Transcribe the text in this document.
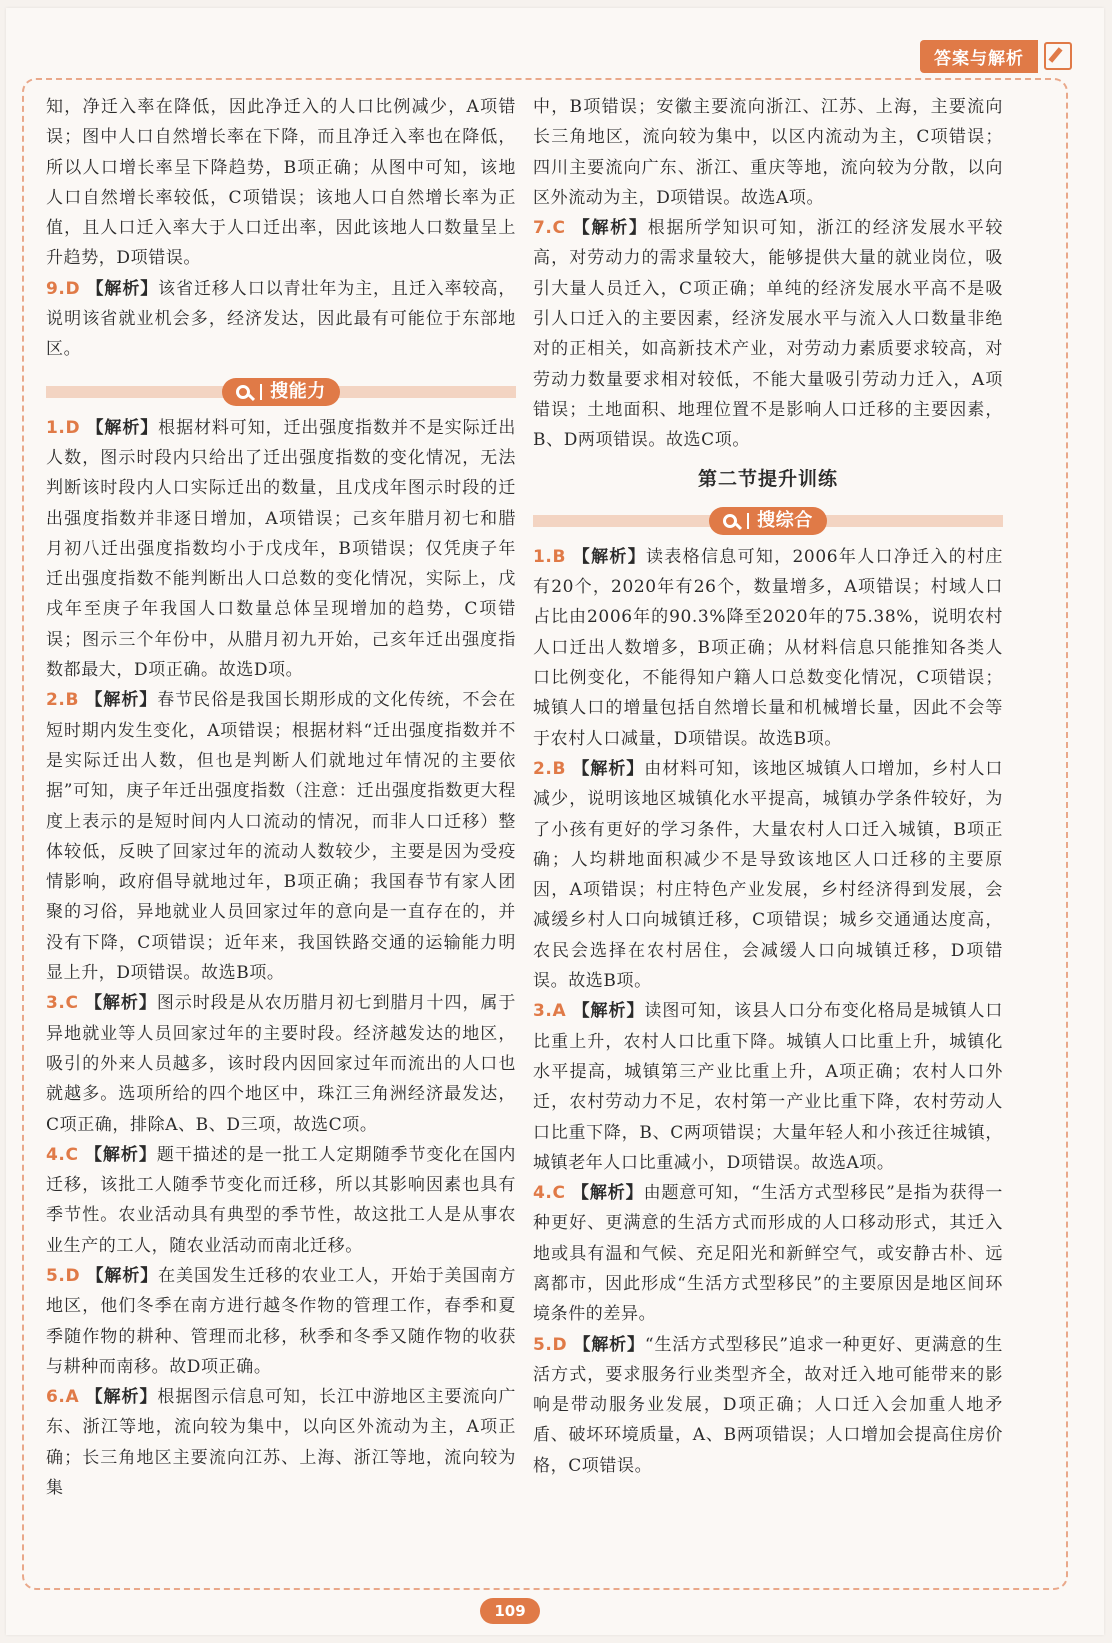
答案与解析

知，净迁入率在降低，因此净迁入的人口比例减少，A项错误；图中人口自然增长率在下降，而且净迁入率也在降低，所以人口增长率呈下降趋势，B项正确；从图中可知，该地人口自然增长率较低，C项错误；该地人口自然增长率为正值，且人口迁入率大于人口迁出率，因此该地人口数量呈上升趋势，D项错误。

9.D 【解析】该省迁移人口以青壮年为主，且迁入率较高，说明该省就业机会多，经济发达，因此最有可能位于东部地区。

搜能力

1.D 【解析】根据材料可知，迁出强度指数并不是实际迁出人数，图示时段内只给出了迁出强度指数的变化情况，无法判断该时段内人口实际迁出的数量，且戊戌年图示时段的迁出强度指数并非逐日增加，A项错误；己亥年腊月初七和腊月初八迁出强度指数均小于戊戌年，B项错误；仅凭庚子年迁出强度指数不能判断出人口总数的变化情况，实际上，戊戌年至庚子年我国人口数量总体呈现增加的趋势，C项错误；图示三个年份中，从腊月初九开始，己亥年迁出强度指数都最大，D项正确。故选D项。

2.B 【解析】春节民俗是我国长期形成的文化传统，不会在短时期内发生变化，A项错误；根据材料“迁出强度指数并不是实际迁出人数，但也是判断人们就地过年情况的主要依据”可知，庚子年迁出强度指数（注意：迁出强度指数更大程度上表示的是短时间内人口流动的情况，而非人口迁移）整体较低，反映了回家过年的流动人数较少，主要是因为受疫情影响，政府倡导就地过年，B项正确；我国春节有家人团聚的习俗，异地就业人员回家过年的意向是一直存在的，并没有下降，C项错误；近年来，我国铁路交通的运输能力明显上升，D项错误。故选B项。

3.C 【解析】图示时段是从农历腊月初七到腊月十四，属于异地就业等人员回家过年的主要时段。经济越发达的地区，吸引的外来人员越多，该时段内因回家过年而流出的人口也就越多。选项所给的四个地区中，珠江三角洲经济最发达，C项正确，排除A、B、D三项，故选C项。

4.C 【解析】题干描述的是一批工人定期随季节变化在国内迁移，该批工人随季节变化而迁移，所以其影响因素也具有季节性。农业活动具有典型的季节性，故这批工人是从事农业生产的工人，随农业活动而南北迁移。

5.D 【解析】在美国发生迁移的农业工人，开始于美国南方地区，他们冬季在南方进行越冬作物的管理工作，春季和夏季随作物的耕种、管理而北移，秋季和冬季又随作物的收获与耕种而南移。故D项正确。

6.A 【解析】根据图示信息可知，长江中游地区主要流向广东、浙江等地，流向较为集中，以向区外流动为主，A项正确；长三角地区主要流向江苏、上海、浙江等地，流向较为集

中，B项错误；安徽主要流向浙江、江苏、上海，主要流向长三角地区，流向较为集中，以区内流动为主，C项错误；四川主要流向广东、浙江、重庆等地，流向较为分散，以向区外流动为主，D项错误。故选A项。

7.C 【解析】根据所学知识可知，浙江的经济发展水平较高，对劳动力的需求量较大，能够提供大量的就业岗位，吸引大量人员迁入，C项正确；单纯的经济发展水平高不是吸引人口迁入的主要因素，经济发展水平与流入人口数量非绝对的正相关，如高新技术产业，对劳动力素质要求较高，对劳动力数量要求相对较低，不能大量吸引劳动力迁入，A项错误；土地面积、地理位置不是影响人口迁移的主要因素，B、D两项错误。故选C项。

第二节提升训练
搜综合

1.B 【解析】读表格信息可知，2006年人口净迁入的村庄有20个，2020年有26个，数量增多，A项错误；村域人口占比由2006年的90.3%降至2020年的75.38%，说明农村人口迁出人数增多，B项正确；从材料信息只能推知各类人口比例变化，不能得知户籍人口总数变化情况，C项错误；城镇人口的增量包括自然增长量和机械增长量，因此不会等于农村人口减量，D项错误。故选B项。

2.B 【解析】由材料可知，该地区城镇人口增加，乡村人口减少，说明该地区城镇化水平提高，城镇办学条件较好，为了小孩有更好的学习条件，大量农村人口迁入城镇，B项正确；人均耕地面积减少不是导致该地区人口迁移的主要原因，A项错误；村庄特色产业发展，乡村经济得到发展，会减缓乡村人口向城镇迁移，C项错误；城乡交通通达度高，农民会选择在农村居住，会减缓人口向城镇迁移，D项错误。故选B项。

3.A 【解析】读图可知，该县人口分布变化格局是城镇人口比重上升，农村人口比重下降。城镇人口比重上升，城镇化水平提高，城镇第三产业比重上升，A项正确；农村人口外迁，农村劳动力不足，农村第一产业比重下降，农村劳动人口比重下降，B、C两项错误；大量年轻人和小孩迁往城镇，城镇老年人口比重减小，D项错误。故选A项。

4.C 【解析】由题意可知，“生活方式型移民”是指为获得一种更好、更满意的生活方式而形成的人口移动形式，其迁入地或具有温和气候、充足阳光和新鲜空气，或安静古朴、远离都市，因此形成“生活方式型移民”的主要原因是地区间环境条件的差异。

5.D 【解析】“生活方式型移民”追求一种更好、更满意的生活方式，要求服务行业类型齐全，故对迁入地可能带来的影响是带动服务业发展，D项正确；人口迁入会加重人地矛盾、破坏环境质量，A、B两项错误；人口增加会提高住房价格，C项错误。

109
